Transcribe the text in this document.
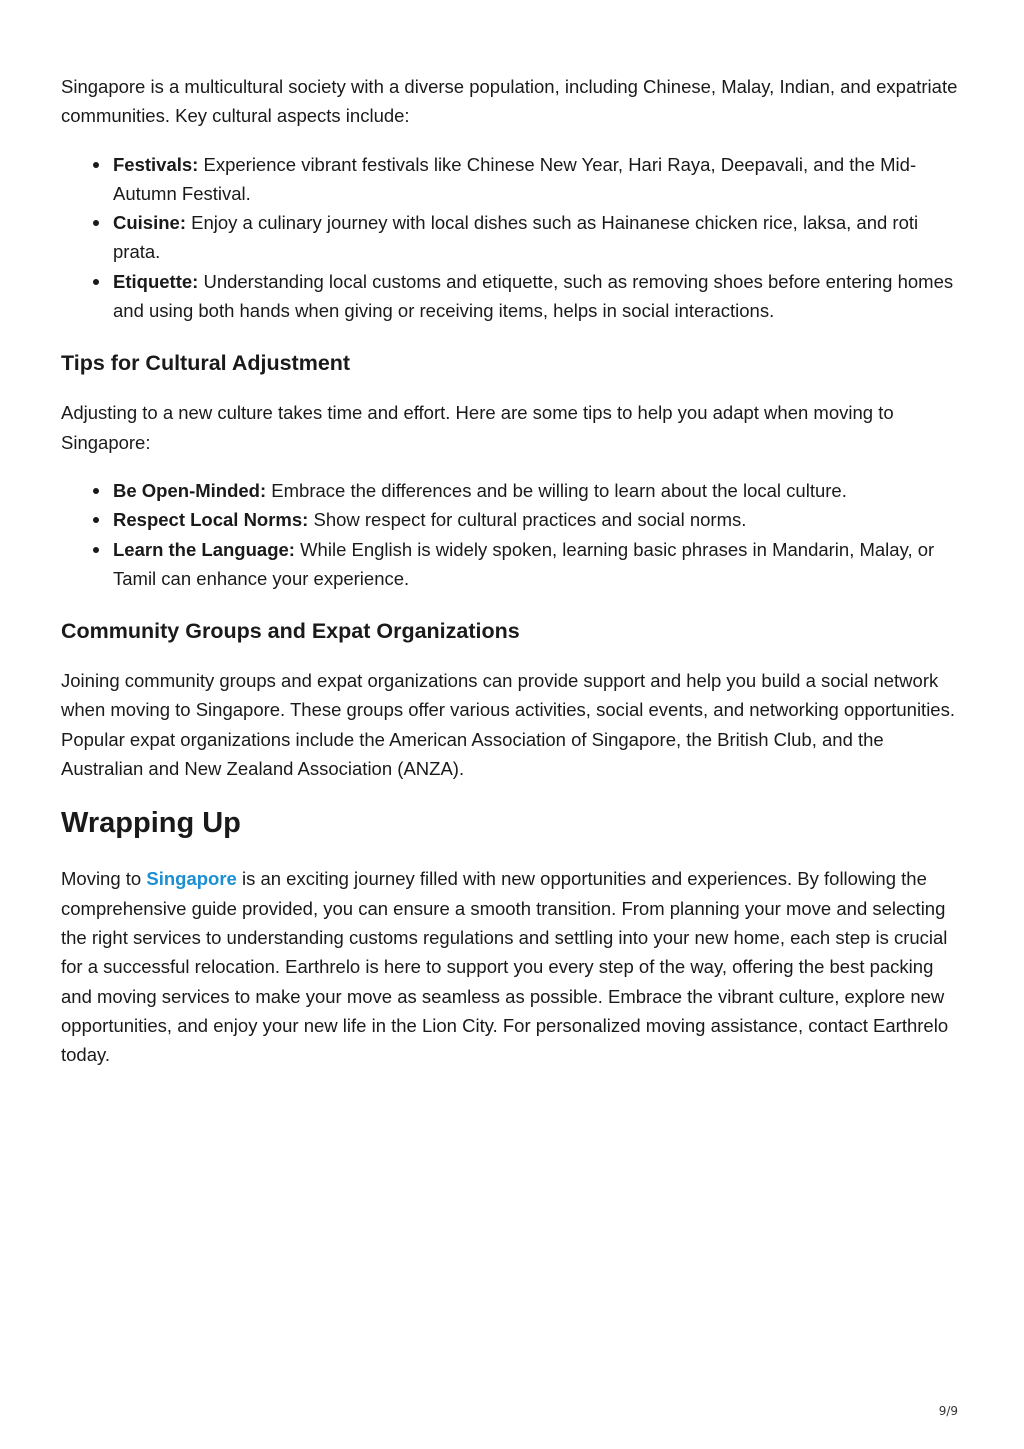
Singapore is a multicultural society with a diverse population, including Chinese, Malay, Indian, and expatriate communities. Key cultural aspects include:

Festivals: Experience vibrant festivals like Chinese New Year, Hari Raya, Deepavali, and the Mid-Autumn Festival.
Cuisine: Enjoy a culinary journey with local dishes such as Hainanese chicken rice, laksa, and roti prata.
Etiquette: Understanding local customs and etiquette, such as removing shoes before entering homes and using both hands when giving or receiving items, helps in social interactions.
Tips for Cultural Adjustment

Adjusting to a new culture takes time and effort. Here are some tips to help you adapt when moving to Singapore:

Be Open-Minded: Embrace the differences and be willing to learn about the local culture.
Respect Local Norms: Show respect for cultural practices and social norms.
Learn the Language: While English is widely spoken, learning basic phrases in Mandarin, Malay, or Tamil can enhance your experience.
Community Groups and Expat Organizations

Joining community groups and expat organizations can provide support and help you build a social network when moving to Singapore. These groups offer various activities, social events, and networking opportunities. Popular expat organizations include the American Association of Singapore, the British Club, and the Australian and New Zealand Association (ANZA).

Wrapping Up

Moving to Singapore is an exciting journey filled with new opportunities and experiences. By following the comprehensive guide provided, you can ensure a smooth transition. From planning your move and selecting the right services to understanding customs regulations and settling into your new home, each step is crucial for a successful relocation. Earthrelo is here to support you every step of the way, offering the best packing and moving services to make your move as seamless as possible. Embrace the vibrant culture, explore new opportunities, and enjoy your new life in the Lion City. For personalized moving assistance, contact Earthrelo today.

9/9
